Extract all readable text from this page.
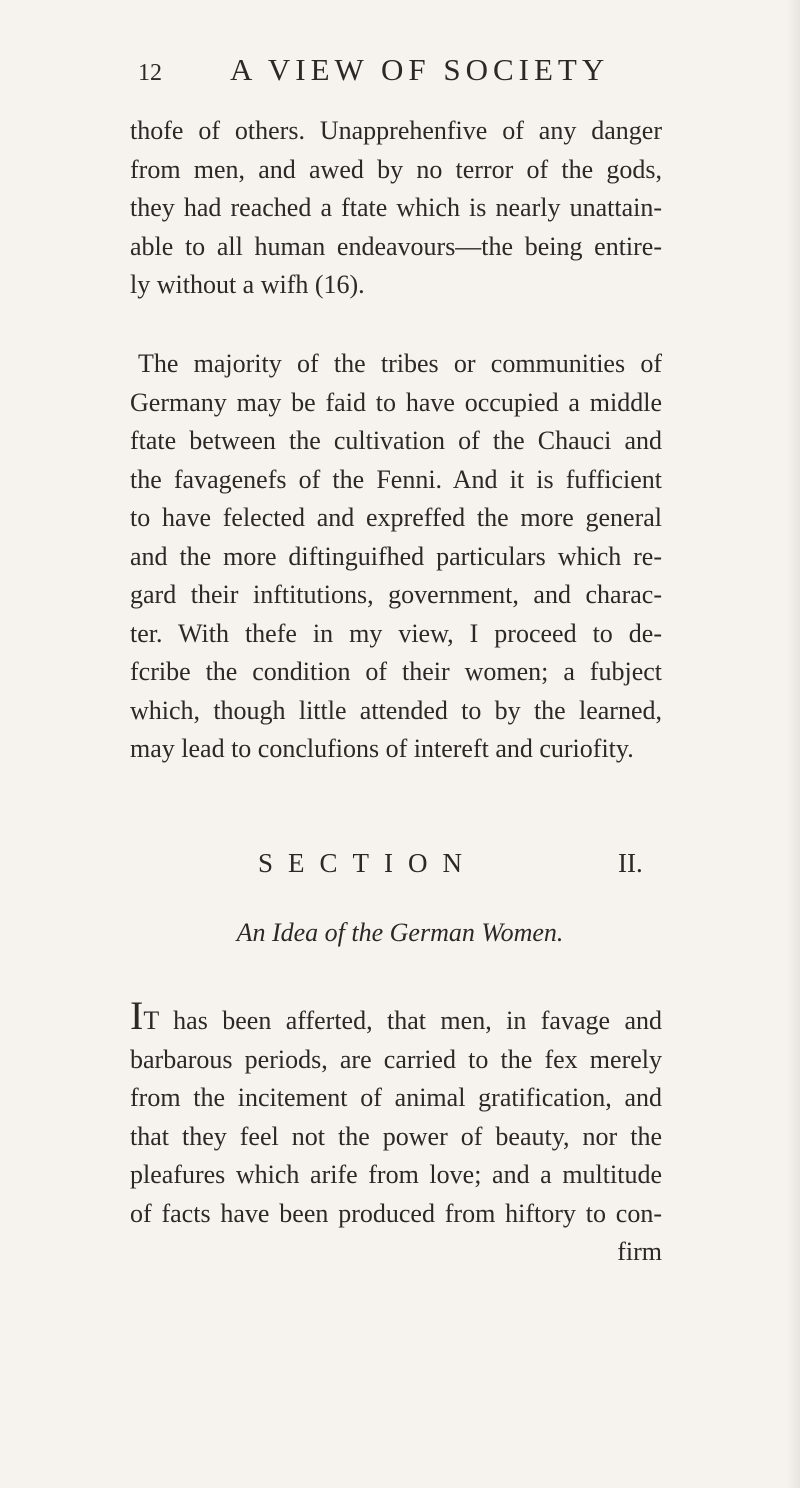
12 A VIEW OF SOCIETY

thofe of others. Unapprehenfive of any danger
from men, and awed by no terror of the gods,
they had reached a ftate which is nearly unattain-
able to all human endeavours—the being entire-
ly without a wifh (16).

The majority of the tribes or communities of
Germany may be faid to have occupied a middle
ftate between the cultivation of the Chauci and
the favagenefs of the Fenni. And it is fufficient
to have felected and expreffed the more general
and the more diftinguifhed particulars which re-
gard their inftitutions, government, and charac-
ter. With thefe in my view, I proceed to de-
fcribe the condition of their women; a fubject
which, though little attended to by the learned,
may lead to conclufions of intereft and curiofity.

SECTION	II.
An Idea of the German Women.

IT has been afferted, that men, in favage and
barbarous periods, are carried to the fex merely
from the incitement of animal gratification, and
that they feel not the power of beauty, nor the
pleafures which arife from love; and a multitude
of facts have been produced from hiftory to con-
firm
